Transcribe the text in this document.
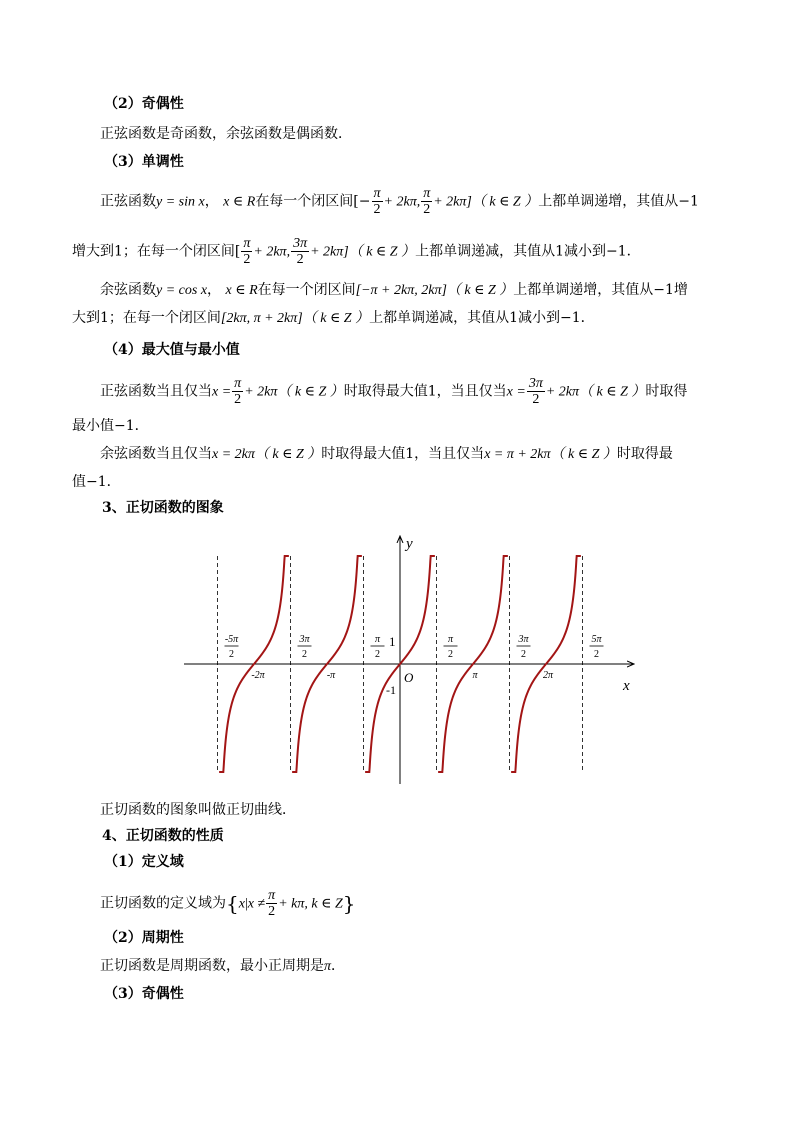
（2）奇偶性
正弦函数是奇函数，余弦函数是偶函数．
（3）单调性
正弦函数y = sin x， x ∈ R在每一个闭区间[− $\frac{\pi}{2} + 2k\pi$, $\frac{\pi}{2} + 2k\pi$]（ k ∈ Z ）上都单调递增，其值从−1
增大到1；在每一个闭区间[ $\frac{\pi}{2} + 2k\pi$, $\frac{3\pi}{2} + 2k\pi$]（ k ∈ Z ）上都单调递减，其值从1减小到−1．
余弦函数y = cos x， x ∈ R在每一个闭区间[−π + 2kπ, 2kπ]（ k ∈ Z ）上都单调递增，其值从−1增
大到1；在每一个闭区间[2kπ, π + 2kπ]（ k ∈ Z ）上都单调递减，其值从1减小到−1．
（4）最大值与最小值
正弦函数当且仅当$x = \frac{\pi}{2} + 2k\pi$（ k ∈ Z ）时取得最大值1，当且仅当$x = \frac{3\pi}{2} + 2k\pi$（ k ∈ Z ）时取得
最小值−1．
余弦函数当且仅当x = 2kπ（ k ∈ Z ）时取得最大值1，当且仅当x = π + 2kπ（ k ∈ Z ）时取得最
值−1．
3、正切函数的图象
y
x
O
1
-1
-5π
2
3π
2
π
2
π
2
3π
2
5π
2
-2π	-π	π	2π
正切函数的图象叫做正切曲线．
4、正切函数的性质
（1）定义域
正切函数的定义域为{$x|x \ne \frac{\pi}{2} + k\pi$, k ∈ Z}
（2）周期性
正切函数是周期函数，最小正周期是π．
（3）奇偶性
